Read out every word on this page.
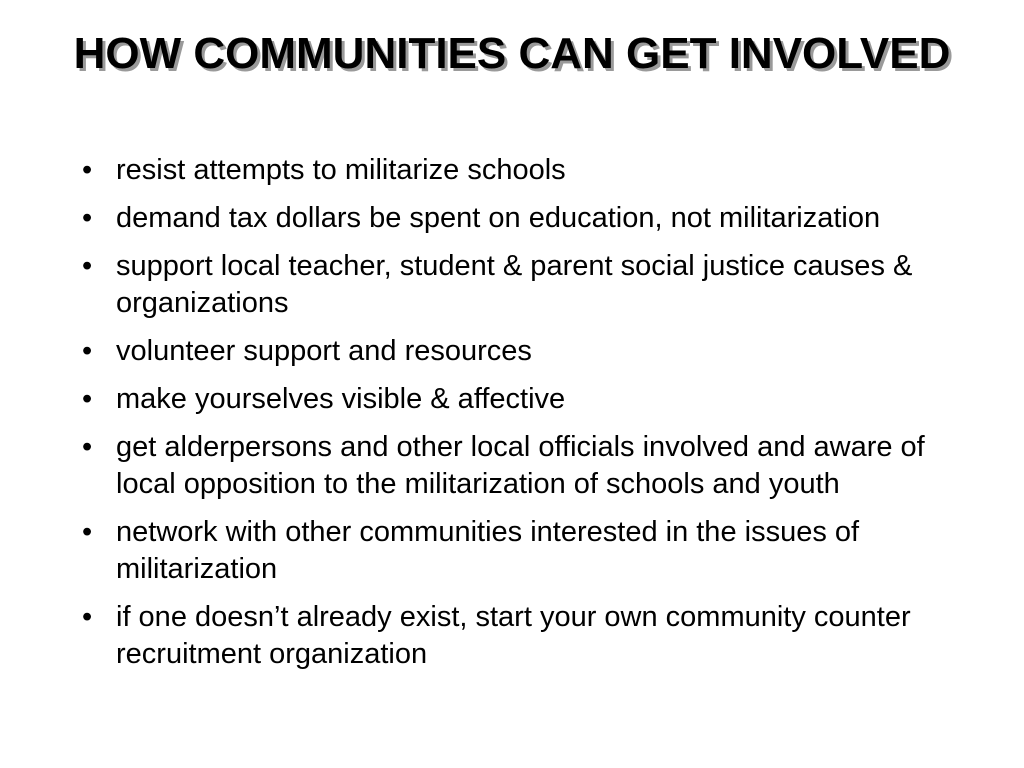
HOW COMMUNITIES CAN GET INVOLVED
• resist attempts to militarize schools
• demand tax dollars be spent on education, not militarization
• support local teacher, student & parent social justice causes & organizations
• volunteer support and resources
• make yourselves visible & affective
• get alderpersons and other local officials involved and aware of local opposition to the militarization of schools and youth
• network with other communities interested in the issues of militarization
• if one doesn’t already exist, start your own community counter recruitment organization
